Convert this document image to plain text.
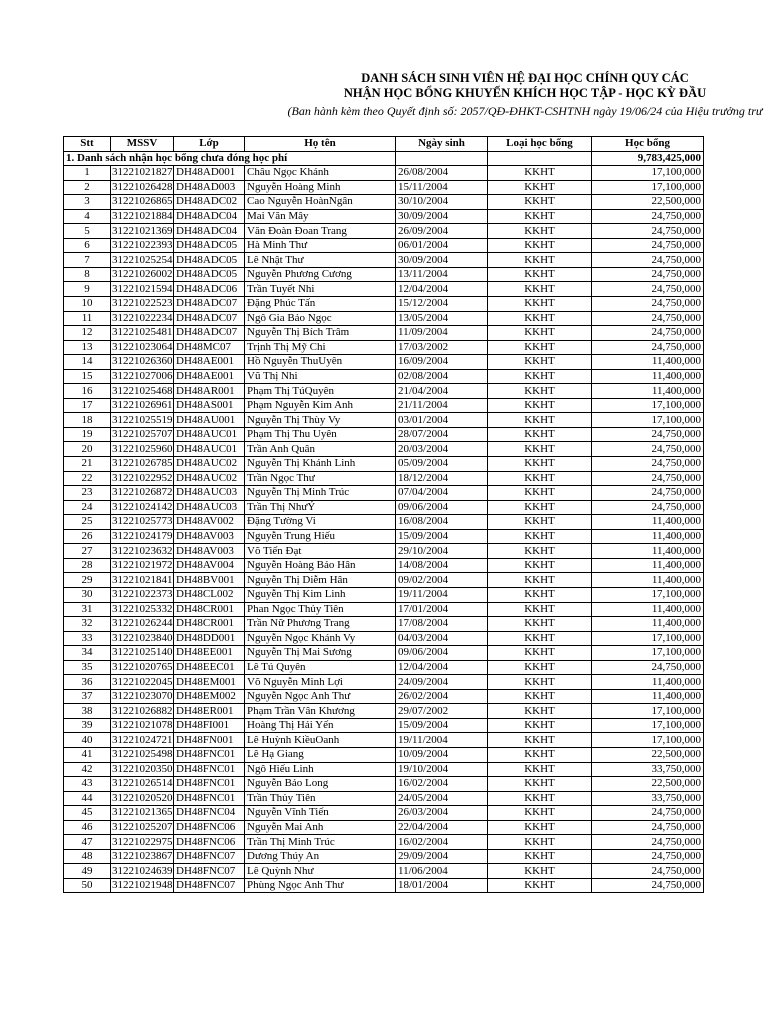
DANH SÁCH SINH VIÊN HỆ ĐẠI HỌC CHÍNH QUY CÁC
NHẬN HỌC BỔNG KHUYẾN KHÍCH HỌC TẬP - HỌC KỲ ĐẦU
(Ban hành kèm theo Quyết định số: 2057/QĐ-ĐHKT-CSHTNH ngày 19/06/24 của Hiệu trưởng trư
Stt	MSSV	Lớp	Họ tên	Ngày sinh	Loại học bổng	Học bổng

1. Danh sách nhận học bổng chưa đóng học phí						9,783,425,000
1	31221021827	DH48AD001	Châu Ngọc Khánh	26/08/2004	KKHT	17,100,000
2	31221026428	DH48AD003	Nguyễn Hoàng Minh	15/11/2004	KKHT	17,100,000
3	31221026865	DH48ADC02	Cao Nguyễn HoànNgân	30/10/2004	KKHT	22,500,000
4	31221021884	DH48ADC04	Mai Văn Mây	30/09/2004	KKHT	24,750,000
5	31221021369	DH48ADC04	Văn Đoàn Đoan Trang	26/09/2004	KKHT	24,750,000
6	31221022393	DH48ADC05	Hà Minh Thư	06/01/2004	KKHT	24,750,000
7	31221025254	DH48ADC05	Lê Nhật Thư	30/09/2004	KKHT	24,750,000
8	31221026002	DH48ADC05	Nguyễn Phương Cương	13/11/2004	KKHT	24,750,000
9	31221021594	DH48ADC06	Trần Tuyết Nhi	12/04/2004	KKHT	24,750,000
10	31221022523	DH48ADC07	Đặng Phúc Tấn	15/12/2004	KKHT	24,750,000
11	31221022234	DH48ADC07	Ngô Gia Bảo Ngọc	13/05/2004	KKHT	24,750,000
12	31221025481	DH48ADC07	Nguyễn Thị Bích Trâm	11/09/2004	KKHT	24,750,000
13	31221023064	DH48MC07	Trịnh Thị Mỹ Chi	17/03/2002	KKHT	24,750,000
14	31221026360	DH48AE001	Hồ Nguyễn ThuUyên	16/09/2004	KKHT	11,400,000
15	31221027006	DH48AE001	Vũ Thị Nhi	02/08/2004	KKHT	11,400,000
16	31221025468	DH48AR001	Phạm Thị TúQuyên	21/04/2004	KKHT	11,400,000
17	31221026961	DH48AS001	Phạm Nguyễn Kim Anh	21/11/2004	KKHT	17,100,000
18	31221025519	DH48AU001	Nguyễn Thị Thùy Vy	03/01/2004	KKHT	17,100,000
19	31221025707	DH48AUC01	Phạm Thị Thu Uyên	28/07/2004	KKHT	24,750,000
20	31221025960	DH48AUC01	Trần Anh Quân	20/03/2004	KKHT	24,750,000
21	31221026785	DH48AUC02	Nguyễn Thị Khánh Linh	05/09/2004	KKHT	24,750,000
22	31221022952	DH48AUC02	Trần Ngọc Thư	18/12/2004	KKHT	24,750,000
23	31221026872	DH48AUC03	Nguyễn Thị Minh Trúc	07/04/2004	KKHT	24,750,000
24	31221024142	DH48AUC03	Trần Thị NhưÝ	09/06/2004	KKHT	24,750,000
25	31221025773	DH48AV002	Đặng Tường Vi	16/08/2004	KKHT	11,400,000
26	31221024179	DH48AV003	Nguyễn Trung Hiếu	15/09/2004	KKHT	11,400,000
27	31221023632	DH48AV003	Võ Tiến Đạt	29/10/2004	KKHT	11,400,000
28	31221021972	DH48AV004	Nguyễn Hoàng Bảo Hân	14/08/2004	KKHT	11,400,000
29	31221021841	DH48BV001	Nguyễn Thị Diễm Hân	09/02/2004	KKHT	11,400,000
30	31221022373	DH48CL002	Nguyễn Thị Kim Linh	19/11/2004	KKHT	17,100,000
31	31221025332	DH48CR001	Phan Ngọc Thủy Tiên	17/01/2004	KKHT	11,400,000
32	31221026244	DH48CR001	Trần Nữ Phương Trang	17/08/2004	KKHT	11,400,000
33	31221023840	DH48DD001	Nguyễn Ngọc Khánh Vy	04/03/2004	KKHT	17,100,000
34	31221025140	DH48EE001	Nguyễn Thị Mai Sương	09/06/2004	KKHT	17,100,000
35	31221020765	DH48EEC01	Lê Tú Quyên	12/04/2004	KKHT	24,750,000
36	31221022045	DH48EM001	Võ Nguyễn Minh Lợi	24/09/2004	KKHT	11,400,000
37	31221023070	DH48EM002	Nguyễn Ngọc Anh Thư	26/02/2004	KKHT	11,400,000
38	31221026882	DH48ER001	Phạm Trần Vân Khương	29/07/2002	KKHT	17,100,000
39	31221021078	DH48FI001	Hoàng Thị Hải Yến	15/09/2004	KKHT	17,100,000
40	31221024721	DH48FN001	Lê Huỳnh KiềuOanh	19/11/2004	KKHT	17,100,000
41	31221025498	DH48FNC01	Lê Hạ Giang	10/09/2004	KKHT	22,500,000
42	31221020350	DH48FNC01	Ngô Hiếu Linh	19/10/2004	KKHT	33,750,000
43	31221026514	DH48FNC01	Nguyễn Bảo Long	16/02/2004	KKHT	22,500,000
44	31221020520	DH48FNC01	Trần Thủy Tiên	24/05/2004	KKHT	33,750,000
45	31221021365	DH48FNC04	Nguyễn Vĩnh Tiến	26/03/2004	KKHT	24,750,000
46	31221025207	DH48FNC06	Nguyễn Mai Anh	22/04/2004	KKHT	24,750,000
47	31221022975	DH48FNC06	Trần Thị Minh Trúc	16/02/2004	KKHT	24,750,000
48	31221023867	DH48FNC07	Dương Thúy An	29/09/2004	KKHT	24,750,000
49	31221024639	DH48FNC07	Lê Quỳnh Như	11/06/2004	KKHT	24,750,000
50	31221021948	DH48FNC07	Phùng Ngọc Anh Thư	18/01/2004	KKHT	24,750,000
